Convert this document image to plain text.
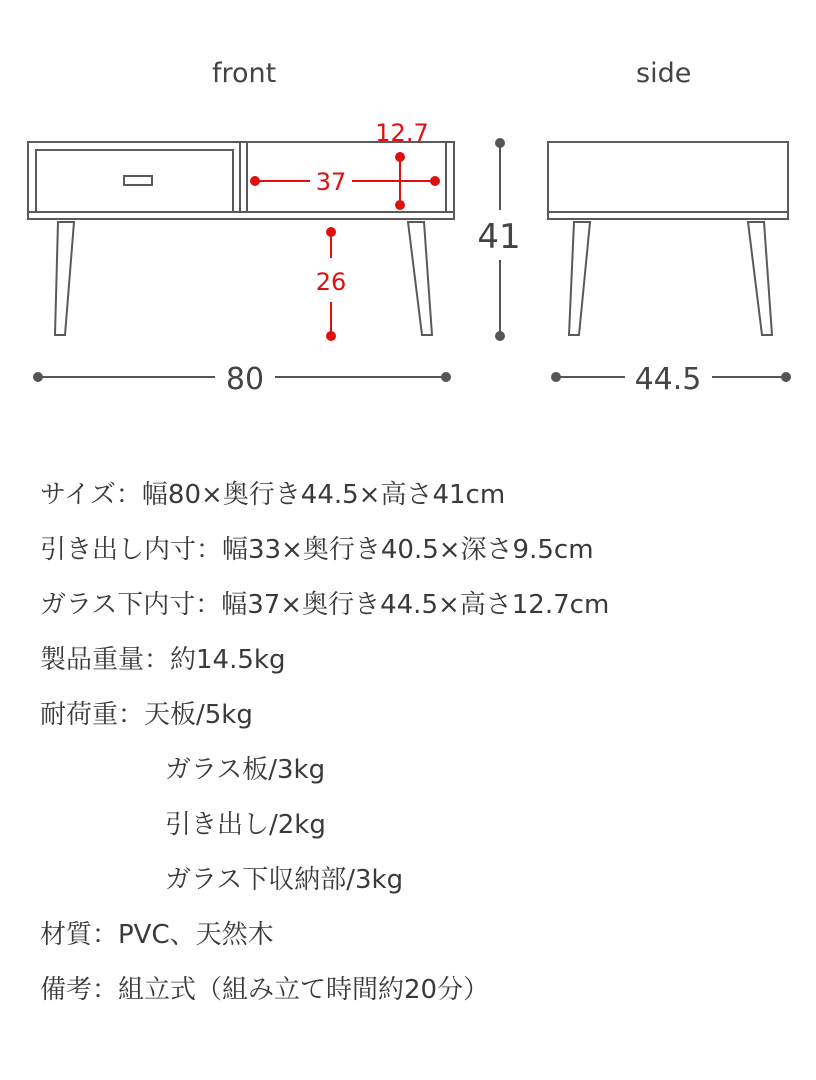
front	side
80
41
44.5
12.7
37
26
サイズ：幅80×奥行き44.5×高さ41cm
引き出し内寸：幅33×奥行き40.5×深さ9.5cm
ガラス下内寸：幅37×奥行き44.5×高さ12.7cm
製品重量：約14.5kg
耐荷重：天板/5kg
ガラス板/3kg
引き出し/2kg
ガラス下収納部/3kg
材質：PVC、天然木
備考：組立式（組み立て時間約20分）
